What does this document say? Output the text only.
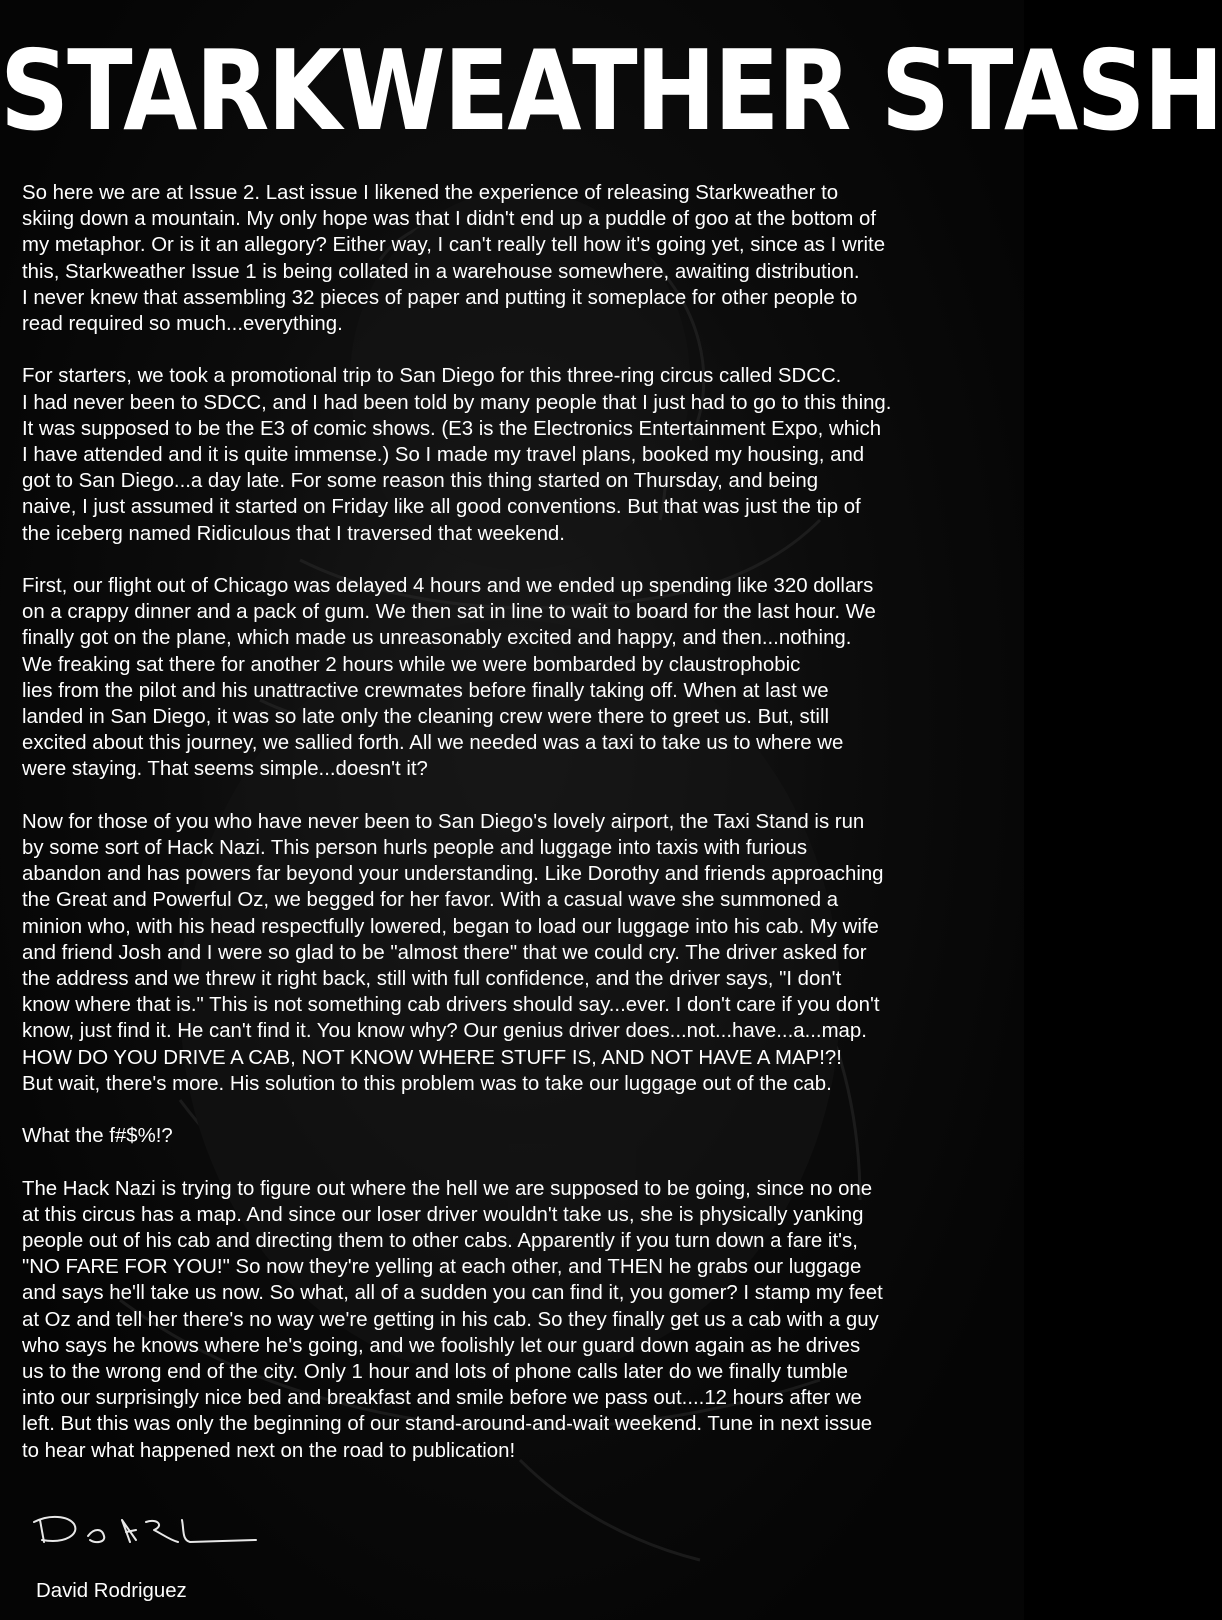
STARKWEATHER STASH

So here we are at Issue 2. Last issue I likened the experience of releasing Starkweather to
skiing down a mountain. My only hope was that I didn't end up a puddle of goo at the bottom of
my metaphor. Or is it an allegory? Either way, I can't really tell how it's going yet, since as I write
this, Starkweather Issue 1 is being collated in a warehouse somewhere, awaiting distribution.
I never knew that assembling 32 pieces of paper and putting it someplace for other people to
read required so much...everything.

For starters, we took a promotional trip to San Diego for this three-ring circus called SDCC.
I had never been to SDCC, and I had been told by many people that I just had to go to this thing.
It was supposed to be the E3 of comic shows. (E3 is the Electronics Entertainment Expo, which
I have attended and it is quite immense.) So I made my travel plans, booked my housing, and
got to San Diego...a day late. For some reason this thing started on Thursday, and being
naive, I just assumed it started on Friday like all good conventions. But that was just the tip of
the iceberg named Ridiculous that I traversed that weekend.

First, our flight out of Chicago was delayed 4 hours and we ended up spending like 320 dollars
on a crappy dinner and a pack of gum. We then sat in line to wait to board for the last hour. We
finally got on the plane, which made us unreasonably excited and happy, and then...nothing.
We freaking sat there for another 2 hours while we were bombarded by claustrophobic
lies from the pilot and his unattractive crewmates before finally taking off. When at last we
landed in San Diego, it was so late only the cleaning crew were there to greet us. But, still
excited about this journey, we sallied forth. All we needed was a taxi to take us to where we
were staying. That seems simple...doesn't it?

Now for those of you who have never been to San Diego's lovely airport, the Taxi Stand is run
by some sort of Hack Nazi. This person hurls people and luggage into taxis with furious
abandon and has powers far beyond your understanding. Like Dorothy and friends approaching
the Great and Powerful Oz, we begged for her favor. With a casual wave she summoned a
minion who, with his head respectfully lowered, began to load our luggage into his cab. My wife
and friend Josh and I were so glad to be "almost there" that we could cry. The driver asked for
the address and we threw it right back, still with full confidence, and the driver says, "I don't
know where that is." This is not something cab drivers should say...ever. I don't care if you don't
know, just find it. He can't find it. You know why? Our genius driver does...not...have...a...map.
HOW DO YOU DRIVE A CAB, NOT KNOW WHERE STUFF IS, AND NOT HAVE A MAP!?!
But wait, there's more. His solution to this problem was to take our luggage out of the cab.

What the f#$%!?

The Hack Nazi is trying to figure out where the hell we are supposed to be going, since no one
at this circus has a map. And since our loser driver wouldn't take us, she is physically yanking
people out of his cab and directing them to other cabs. Apparently if you turn down a fare it's,
"NO FARE FOR YOU!" So now they're yelling at each other, and THEN he grabs our luggage
and says he'll take us now. So what, all of a sudden you can find it, you gomer? I stamp my feet
at Oz and tell her there's no way we're getting in his cab. So they finally get us a cab with a guy
who says he knows where he's going, and we foolishly let our guard down again as he drives
us to the wrong end of the city. Only 1 hour and lots of phone calls later do we finally tumble
into our surprisingly nice bed and breakfast and smile before we pass out....12 hours after we
left. But this was only the beginning of our stand-around-and-wait weekend. Tune in next issue
to hear what happened next on the road to publication!

David Rodriguez
